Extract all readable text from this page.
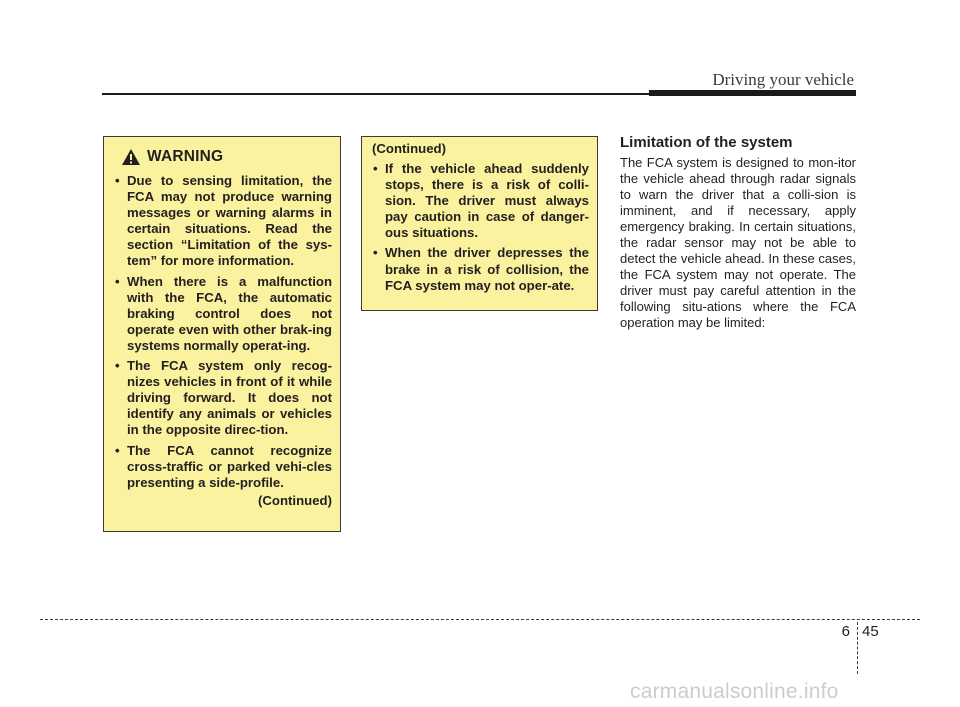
Driving your vehicle
WARNING
• Due to sensing limitation, the FCA may not produce warning messages or warning alarms in certain situations. Read the section “Limitation of the sys-tem” for more information.
• When there is a malfunction with the FCA, the automatic braking control does not operate even with other brak-ing systems normally operat-ing.
• The FCA system only recog-nizes vehicles in front of it while driving forward. It does not identify any animals or vehicles in the opposite direc-tion.
• The FCA cannot recognize cross-traffic or parked vehi-cles presenting a side-profile.
(Continued)
(Continued)
• If the vehicle ahead suddenly stops, there is a risk of colli-sion. The driver must always pay caution in case of danger-ous situations.
• When the driver depresses the brake in a risk of collision, the FCA system may not oper-ate.
Limitation of the system

The FCA system is designed to mon-itor the vehicle ahead through radar signals to warn the driver that a colli-sion is imminent, and if necessary, apply emergency braking. In certain situations, the radar sensor may not be able to detect the vehicle ahead. In these cases, the FCA system may not operate. The driver must pay careful attention in the following situ-ations where the FCA operation may be limited:

6 45
carmanualsonline.info
